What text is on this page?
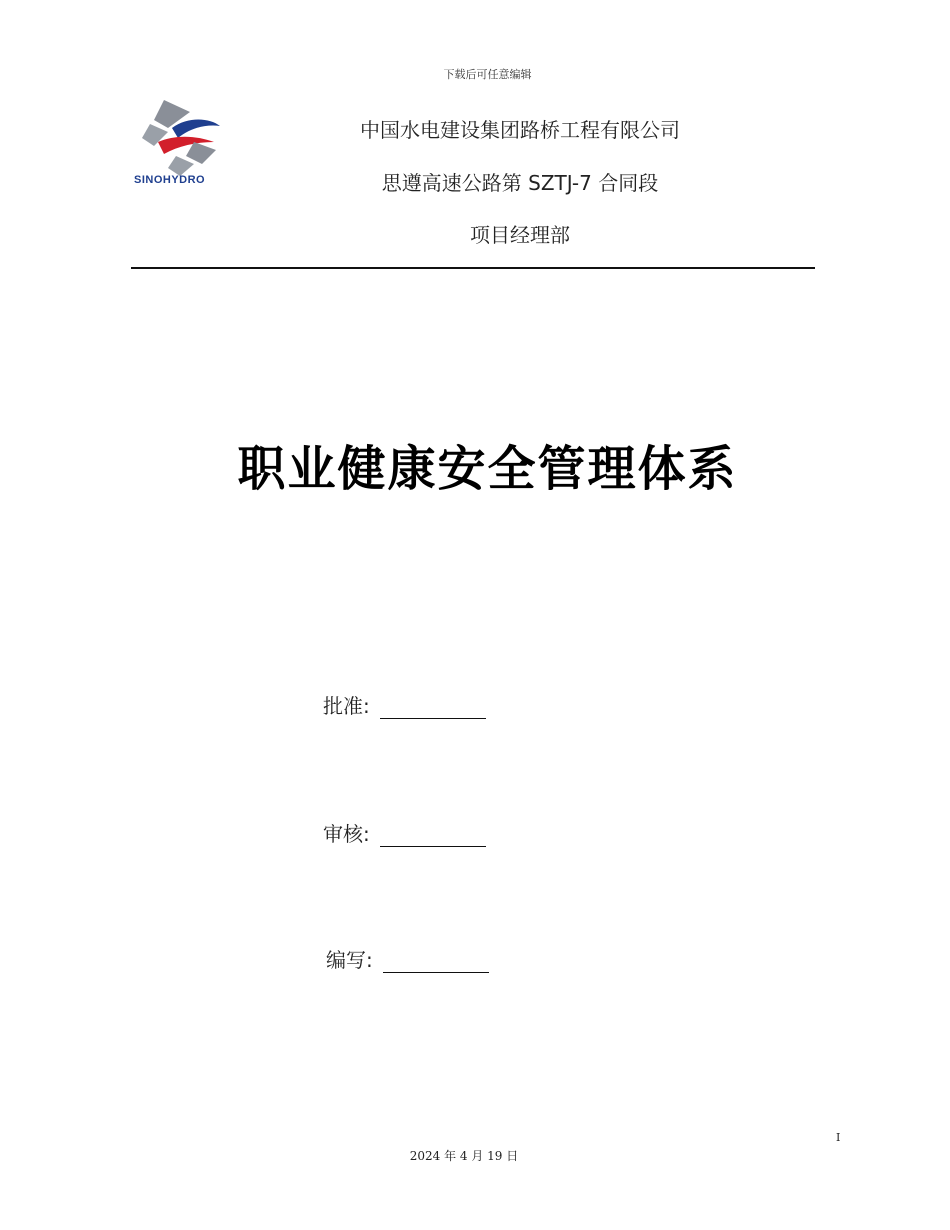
下载后可任意编辑
SINOHYDRO
中国水电建设集团路桥工程有限公司
思遵高速公路第 SZTJ-7 合同段
项目经理部
职业健康安全管理体系
批准:
审核:
编写:
I
2024 年 4 月 19 日
